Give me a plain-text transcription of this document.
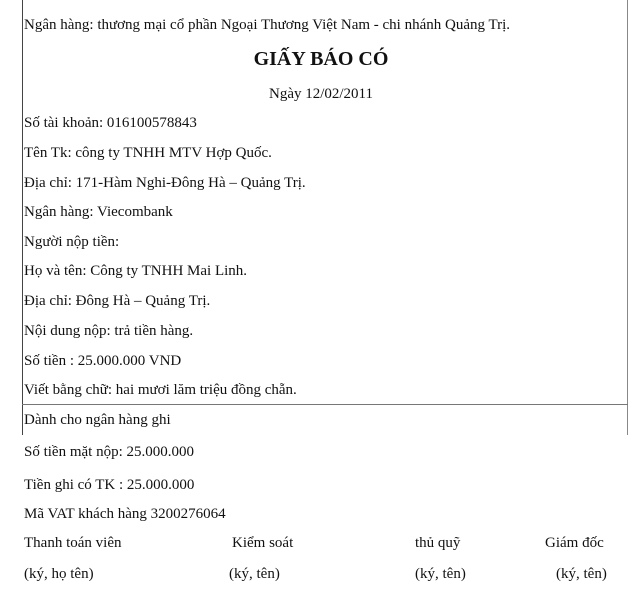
Ngân hàng: thương mại cổ phần Ngoại Thương Việt Nam - chi nhánh Quảng Trị.
GIẤY BÁO CÓ
Ngày 12/02/2011
Số tài khoản: 016100578843
Tên Tk: công ty TNHH MTV Hợp Quốc.
Địa chỉ: 171-Hàm Nghi-Đông Hà – Quảng Trị.
Ngân hàng: Viecombank
Người nộp tiền:
Họ và tên: Công ty TNHH Mai Linh.
Địa chỉ: Đông Hà – Quảng Trị.
Nội dung nộp: trả tiền hàng.
Số tiền : 25.000.000 VND
Viết bằng chữ: hai mươi lăm triệu đồng chẵn.
Dành cho ngân hàng ghi
Số tiền mặt nộp: 25.000.000
Tiền ghi có TK : 25.000.000
Mã VAT khách hàng 3200276064
Thanh toán viên	Kiểm soát	thủ quỹ	Giám đốc
(ký, họ tên)	(ký, tên)	(ký, tên)	(ký, tên)
